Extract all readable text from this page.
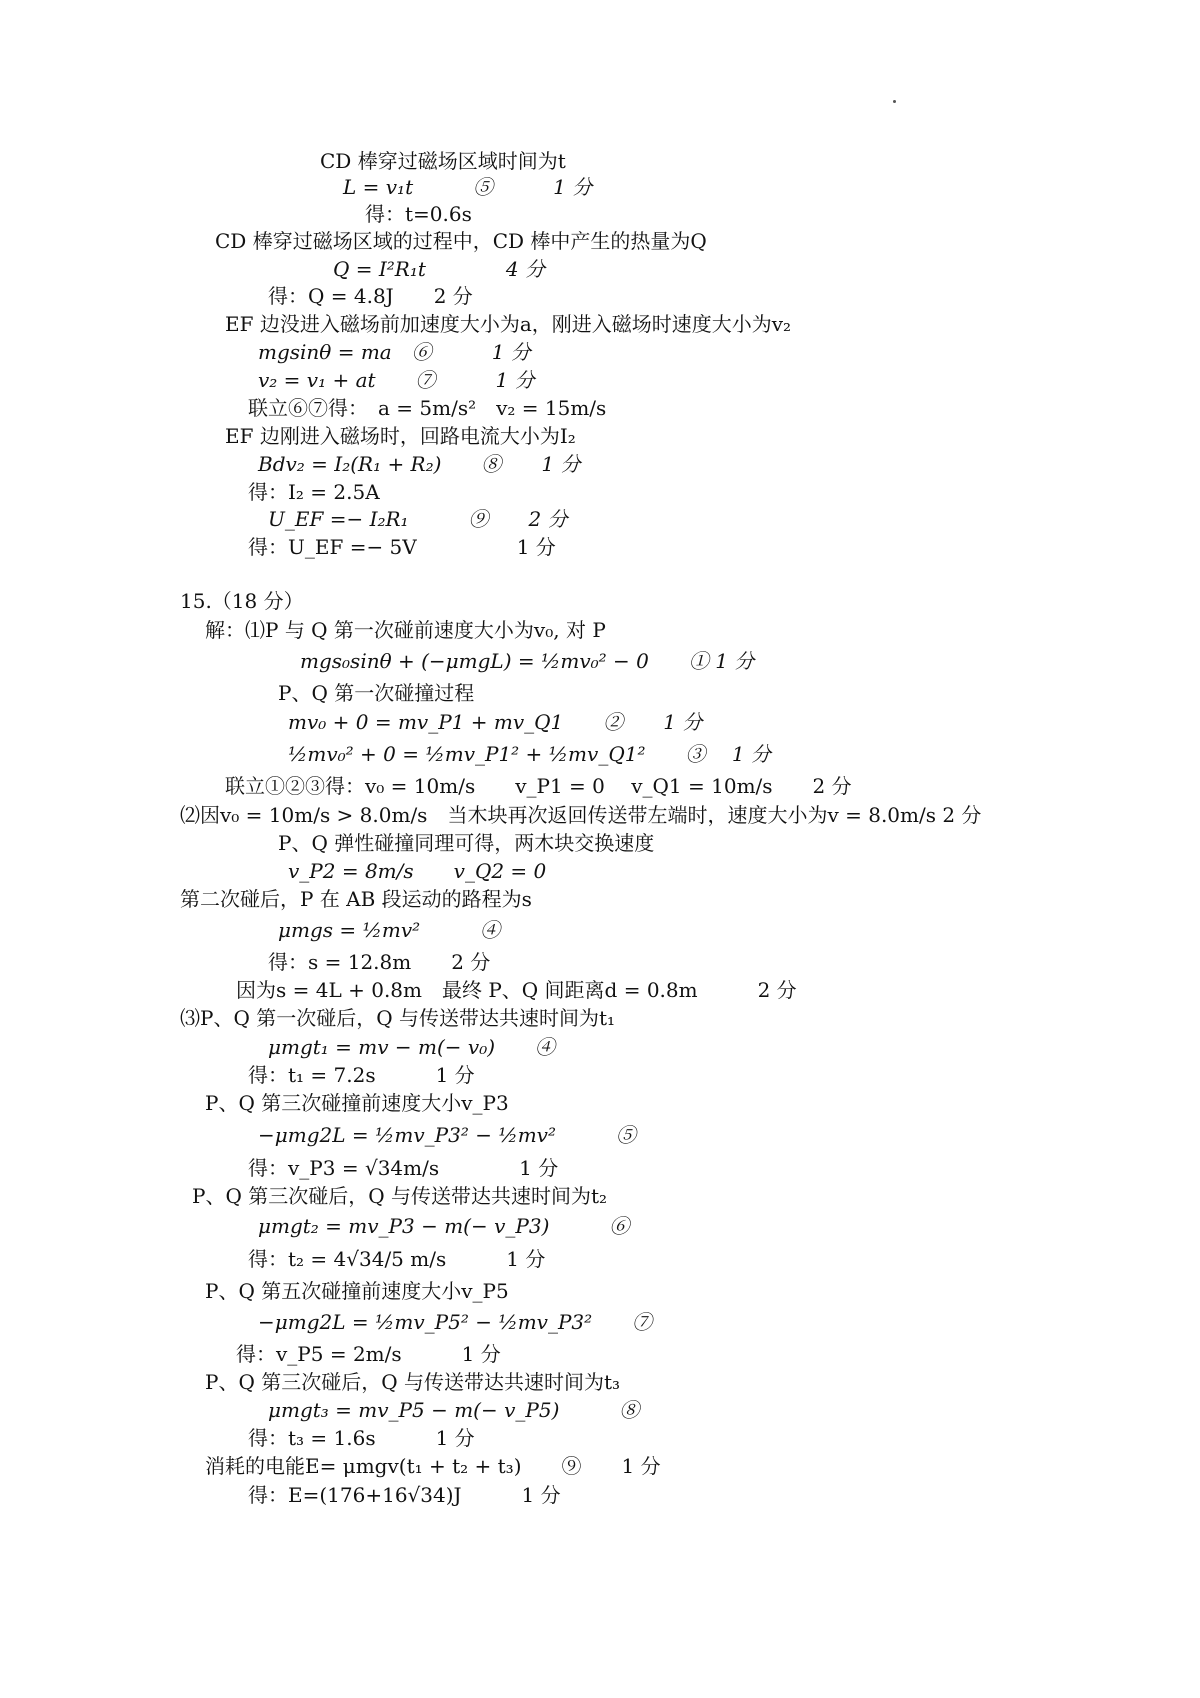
CD 棒穿过磁场区域时间为t
L = v₁t　　　⑤　　　1 分
得：t=0.6s
CD 棒穿过磁场区域的过程中，CD 棒中产生的热量为Q
Q = I²R₁t　　　　4 分
得：Q = 4.8J　　2 分
EF 边没进入磁场前加速度大小为a，刚进入磁场时速度大小为v₂
mgsinθ = ma　⑥　　　1 分
v₂ = v₁ + at　　⑦　　　1 分
联立⑥⑦得：　a = 5m/s²　v₂ = 15m/s
EF 边刚进入磁场时，回路电流大小为I₂
Bdv₂ = I₂(R₁ + R₂)　　⑧　　1 分
得：I₂ = 2.5A
U_EF =− I₂R₁　　　⑨　　2 分
得：U_EF =− 5V　　　　　1 分
15.（18 分）
解：⑴P 与 Q 第一次碰前速度大小为v₀, 对 P
mgs₀sinθ + (−μmgL) = ½mv₀² − 0　　① 1 分
P、Q 第一次碰撞过程
mv₀ + 0 = mv_P1 + mv_Q1　　②　　1 分
½mv₀² + 0 = ½mv_P1² + ½mv_Q1²　　③　 1 分
联立①②③得：v₀ = 10m/s　　v_P1 = 0　 v_Q1 = 10m/s　　2 分
⑵因v₀ = 10m/s > 8.0m/s　当木块再次返回传送带左端时，速度大小为v = 8.0m/s 2 分
P、Q 弹性碰撞同理可得，两木块交换速度
v_P2 = 8m/s　　v_Q2 = 0
第二次碰后，P 在 AB 段运动的路程为s
μmgs = ½mv²　　　④
得：s = 12.8m　　2 分
因为s = 4L + 0.8m　最终 P、Q 间距离d = 0.8m　　　2 分
⑶P、Q 第一次碰后，Q 与传送带达共速时间为t₁
μmgt₁ = mv − m(− v₀)　　④
得：t₁ = 7.2s　　　1 分
P、Q 第三次碰撞前速度大小v_P3
−μmg2L = ½mv_P3² − ½mv²　　　⑤
得：v_P3 = √34m/s　　　　1 分
P、Q 第三次碰后，Q 与传送带达共速时间为t₂
μmgt₂ = mv_P3 − m(− v_P3)　　　⑥
得：t₂ = 4√34/5 m/s　　　1 分
P、Q 第五次碰撞前速度大小v_P5
−μmg2L = ½mv_P5² − ½mv_P3²　　⑦
得：v_P5 = 2m/s　　　1 分
P、Q 第三次碰后，Q 与传送带达共速时间为t₃
μmgt₃ = mv_P5 − m(− v_P5)　　　⑧
得：t₃ = 1.6s　　　1 分
消耗的电能E= μmgv(t₁ + t₂ + t₃)　　⑨　　1 分
得：E=(176+16√34)J　　　1 分
